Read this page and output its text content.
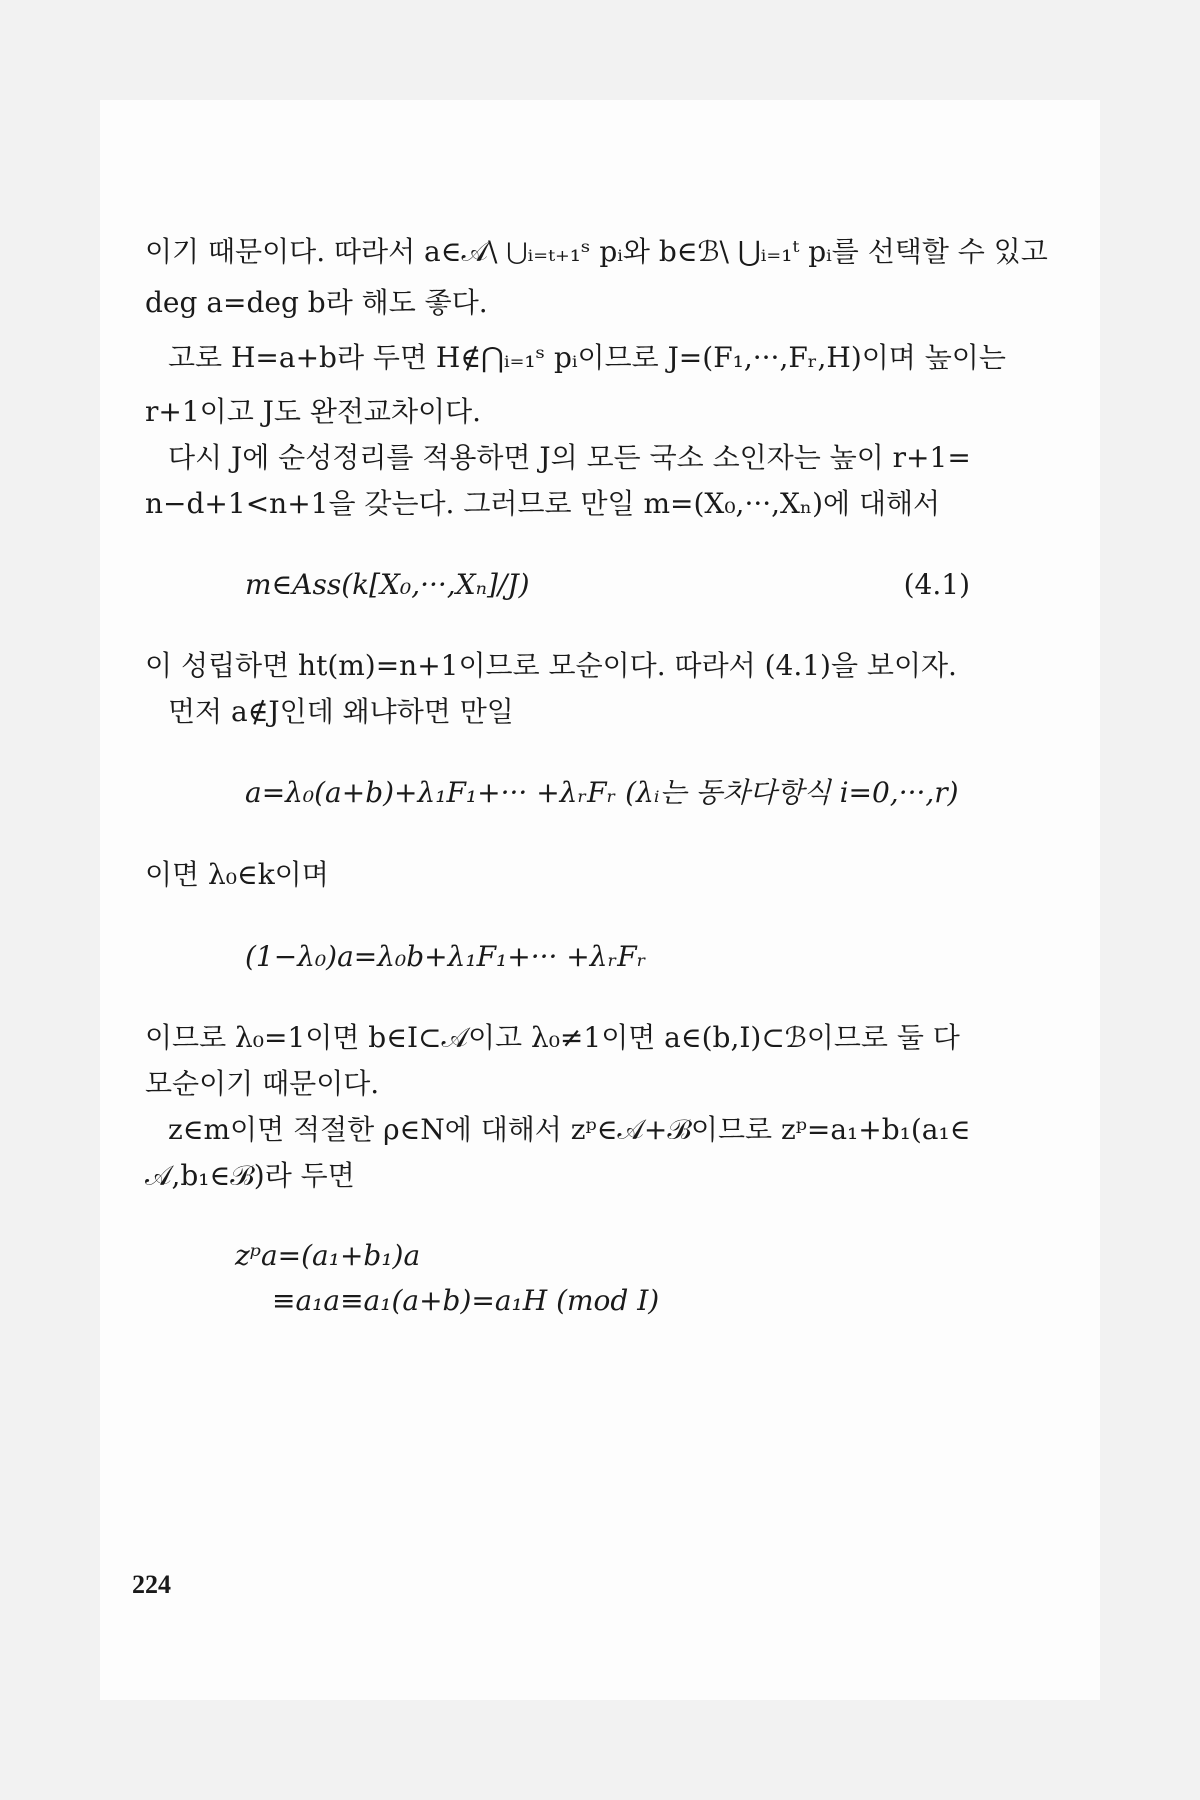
이기 때문이다. 따라서 a∈𝒜\ ⋃ᵢ₌ₜ₊₁ˢ pᵢ와 b∈ℬ\ ⋃ᵢ₌₁ᵗ pᵢ를 선택할 수 있고
deg a=deg b라 해도 좋다.
고로 H=a+b라 두면 H∉⋂ᵢ₌₁ˢ pᵢ이므로 J=(F₁,···,Fᵣ,H)이며 높이는
r+1이고 J도 완전교차이다.
다시 J에 순성정리를 적용하면 J의 모든 국소 소인자는 높이 r+1=
n−d+1<n+1을 갖는다. 그러므로 만일 m=(X₀,···,Xₙ)에 대해서
m∈Ass(k[X₀,···,Xₙ]/J)	(4.1)
이 성립하면 ht(m)=n+1이므로 모순이다. 따라서 (4.1)을 보이자.
먼저 a∉J인데 왜냐하면 만일
a=λ₀(a+b)+λ₁F₁+··· +λᵣFᵣ (λᵢ는 동차다항식 i=0,···,r)
이면 λ₀∈k이며
(1−λ₀)a=λ₀b+λ₁F₁+··· +λᵣFᵣ
이므로 λ₀=1이면 b∈I⊂𝒜이고 λ₀≠1이면 a∈(b,I)⊂ℬ이므로 둘 다
모순이기 때문이다.
z∈m이면 적절한 ρ∈N에 대해서 zᵖ∈𝒜+ℬ이므로 zᵖ=a₁+b₁(a₁∈
𝒜,b₁∈ℬ)라 두면
zᵖa=(a₁+b₁)a
≡a₁a≡a₁(a+b)=a₁H (mod I)
224
